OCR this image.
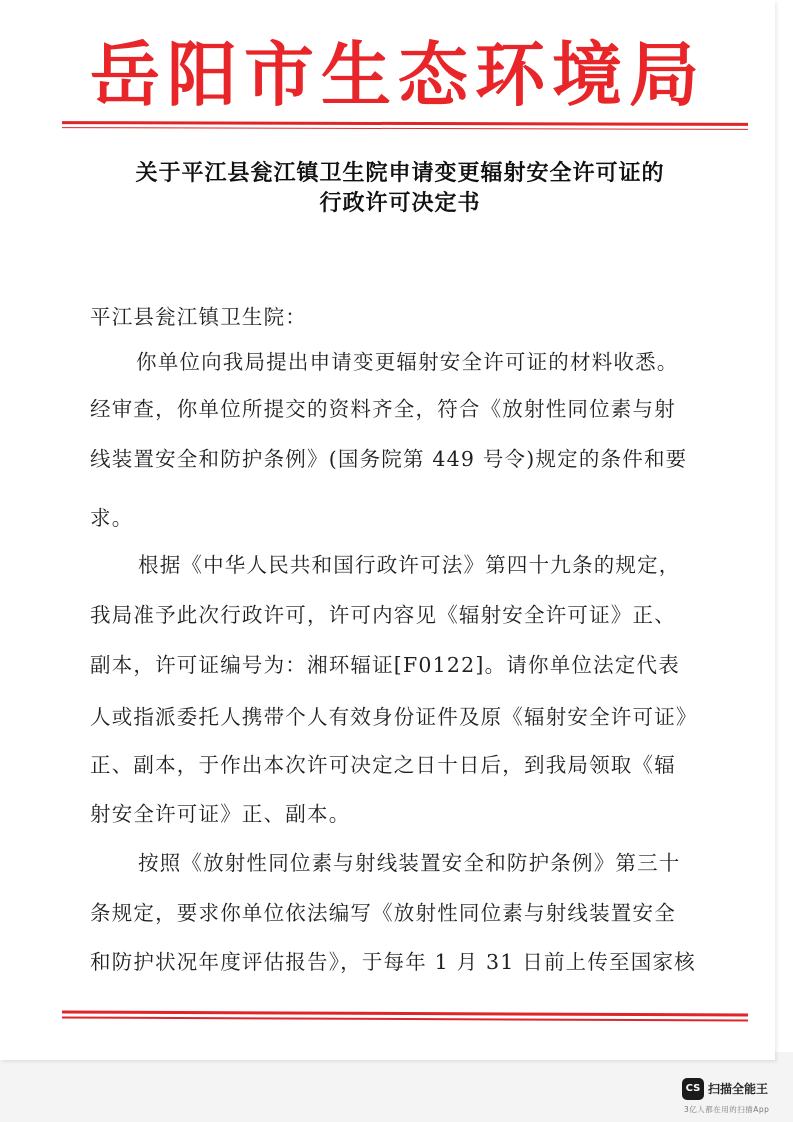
岳阳市生态环境局
关于平江县瓮江镇卫生院申请变更辐射安全许可证的
行政许可决定书
平江县瓮江镇卫生院：
你单位向我局提出申请变更辐射安全许可证的材料收悉。
经审查，你单位所提交的资料齐全，符合《放射性同位素与射
线装置安全和防护条例》(国务院第 449 号令)规定的条件和要
求。
根据《中华人民共和国行政许可法》第四十九条的规定，
我局准予此次行政许可，许可内容见《辐射安全许可证》正、
副本，许可证编号为：湘环辐证[F0122]。请你单位法定代表
人或指派委托人携带个人有效身份证件及原《辐射安全许可证》
正、副本，于作出本次许可决定之日十日后，到我局领取《辐
射安全许可证》正、副本。
按照《放射性同位素与射线装置安全和防护条例》第三十
条规定，要求你单位依法编写《放射性同位素与射线装置安全
和防护状况年度评估报告》，于每年 1 月 31 日前上传至国家核
CS 扫描全能王
3亿人都在用的扫描App
